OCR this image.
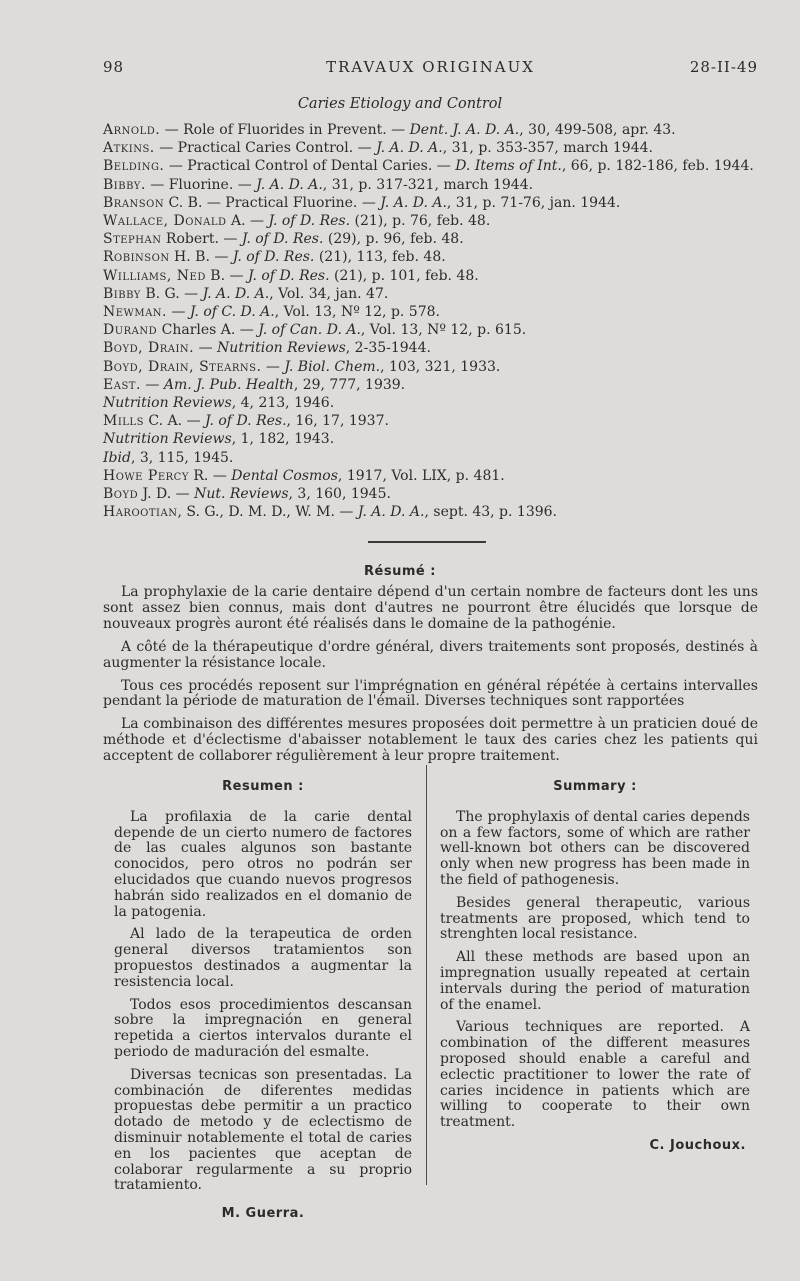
98	TRAVAUX ORIGINAUX	28-II-49
Caries Etiology and Control
Arnold. — Role of Fluorides in Prevent. — Dent. J. A. D. A., 30, 499-508, apr. 43.
Atkins. — Practical Caries Control. — J. A. D. A., 31, p. 353-357, march 1944.
Belding. — Practical Control of Dental Caries. — D. Items of Int., 66, p. 182-186, feb. 1944.
Bibby. — Fluorine. — J. A. D. A., 31, p. 317-321, march 1944.
Branson C. B. — Practical Fluorine. — J. A. D. A., 31, p. 71-76, jan. 1944.
Wallace, Donald A. — J. of D. Res. (21), p. 76, feb. 48.
Stephan Robert. — J. of D. Res. (29), p. 96, feb. 48.
Robinson H. B. — J. of D. Res. (21), 113, feb. 48.
Williams, Ned B. — J. of D. Res. (21), p. 101, feb. 48.
Bibby B. G. — J. A. D. A., Vol. 34, jan. 47.
Newman. — J. of C. D. A., Vol. 13, Nº 12, p. 578.
Durand Charles A. — J. of Can. D. A., Vol. 13, Nº 12, p. 615.
Boyd, Drain. — Nutrition Reviews, 2-35-1944.
Boyd, Drain, Stearns. — J. Biol. Chem., 103, 321, 1933.
East. — Am. J. Pub. Health, 29, 777, 1939.
Nutrition Reviews, 4, 213, 1946.
Mills C. A. — J. of D. Res., 16, 17, 1937.
Nutrition Reviews, 1, 182, 1943.
Ibid, 3, 115, 1945.
Howe Percy R. — Dental Cosmos, 1917, Vol. LIX, p. 481.
Boyd J. D. — Nut. Reviews, 3, 160, 1945.
Harootian, S. G., D. M. D., W. M. — J. A. D. A., sept. 43, p. 1396.
Résumé :

La prophylaxie de la carie dentaire dépend d'un certain nombre de facteurs dont les uns sont assez bien connus, mais dont d'autres ne pourront être élucidés que lorsque de nouveaux progrès auront été réalisés dans le domaine de la pathogénie.

A côté de la thérapeutique d'ordre général, divers traitements sont proposés, destinés à augmenter la résistance locale.

Tous ces procédés reposent sur l'imprégnation en général répétée à certains intervalles pendant la période de maturation de l'émail. Diverses techniques sont rapportées

La combinaison des différentes mesures proposées doit permettre à un praticien doué de méthode et d'éclectisme d'abaisser notablement le taux des caries chez les patients qui acceptent de collaborer régulièrement à leur propre traitement.

Resumen :

La profilaxia de la carie dental depende de un cierto numero de factores de las cuales algunos son bastante conocidos, pero otros no podrán ser elucidados que cuando nuevos progresos habrán sido realizados en el domanio de la patogenia.

Al lado de la terapeutica de orden general diversos tratamientos son propuestos destinados a augmentar la resistencia local.

Todos esos procedimientos descansan sobre la impregnación en general repetida a ciertos intervalos durante el periodo de maduración del esmalte.

Diversas tecnicas son presentadas. La combinación de diferentes medidas propuestas debe permitir a un practico dotado de metodo y de eclectismo de disminuir notablemente el total de caries en los pacientes que aceptan de colaborar regularmente a su proprio tratamiento.

M. Guerra.
Summary :

The prophylaxis of dental caries depends on a few factors, some of which are rather well-known bot others can be discovered only when new progress has been made in the field of pathogenesis.

Besides general therapeutic, various treatments are proposed, which tend to strenghten local resistance.

All these methods are based upon an impregnation usually repeated at certain intervals during the period of maturation of the enamel.

Various techniques are reported. A combination of the different measures proposed should enable a careful and eclectic practitioner to lower the rate of caries incidence in patients which are willing to cooperate to their own treatment.

C. Jouchoux.
